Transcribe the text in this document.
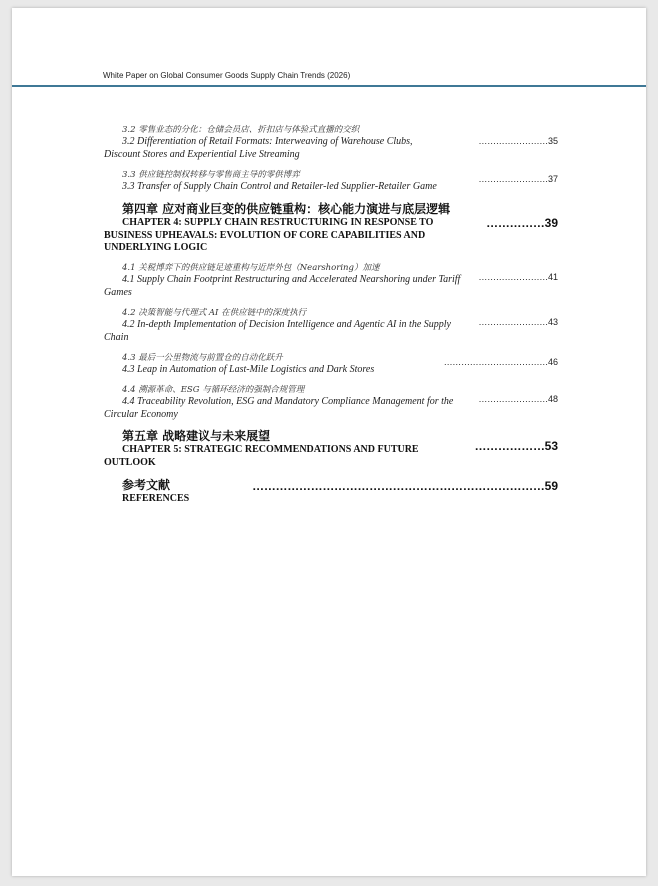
White Paper on Global Consumer Goods Supply Chain Trends (2026)
3.2 零售业态的分化：仓储会员店、折扣店与体验式直播的交织
3.2 Differentiation of Retail Formats: Interweaving of Warehouse Clubs, Discount Stores and Experiential Live Streaming
……………………35
3.3 供应链控制权转移与零售商主导的零供博弈
3.3 Transfer of Supply Chain Control and Retailer-led Supplier-Retailer Game
……………………37
第四章 应对商业巨变的供应链重构：核心能力演进与底层逻辑
CHAPTER 4: SUPPLY CHAIN RESTRUCTURING IN RESPONSE TO BUSINESS UPHEAVALS: EVOLUTION OF CORE CAPABILITIES AND UNDERLYING LOGIC
……………39
4.1 关税博弈下的供应链足迹重构与近岸外包（Nearshoring）加速
4.1 Supply Chain Footprint Restructuring and Accelerated Nearshoring under Tariff Games
……………………41
4.2 决策智能与代理式 AI 在供应链中的深度执行
4.2 In-depth Implementation of Decision Intelligence and Agentic AI in the Supply Chain
……………………43
4.3 最后一公里物流与前置仓的自动化跃升
4.3 Leap in Automation of Last-Mile Logistics and Dark Stores
………………………………46
4.4 溯源革命、ESG 与循环经济的强制合规管理
4.4 Traceability Revolution, ESG and Mandatory Compliance Management for the Circular Economy
……………………48
第五章 战略建议与未来展望
CHAPTER 5: STRATEGIC RECOMMENDATIONS AND FUTURE OUTLOOK
………………53
参考文献
REFERENCES
…………………………………………………………………59
